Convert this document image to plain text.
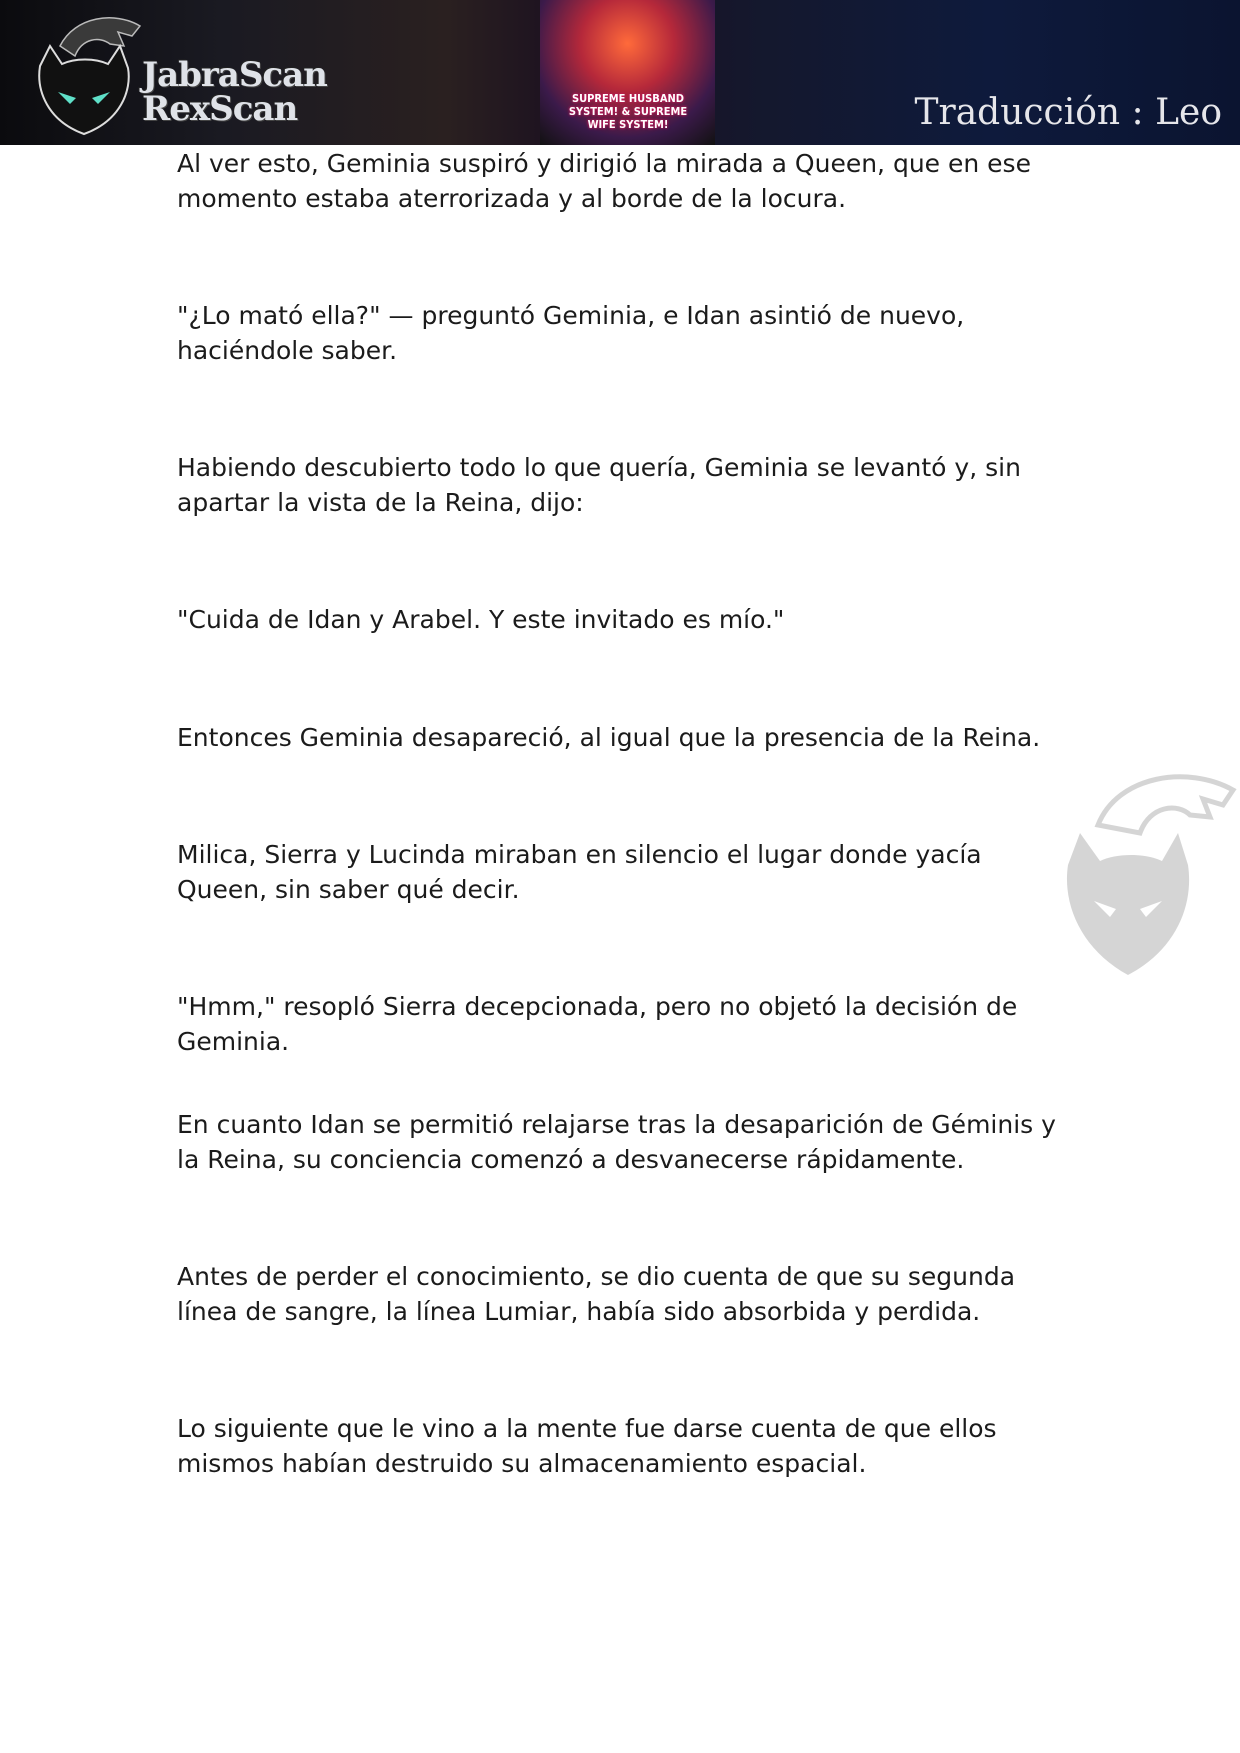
SUPREME HUSBAND
SYSTEM! & SUPREME
WIFE SYSTEM!
JabraScan
RexScan	Traducción : Leo

Al ver esto, Geminia suspiró y dirigió la mirada a Queen, que en ese momento estaba aterrorizada y al borde de la locura.

"¿Lo mató ella?" — preguntó Geminia, e Idan asintió de nuevo, haciéndole saber.

Habiendo descubierto todo lo que quería, Geminia se levantó y, sin apartar la vista de la Reina, dijo:

"Cuida de Idan y Arabel. Y este invitado es mío."

Entonces Geminia desapareció, al igual que la presencia de la Reina.

Milica, Sierra y Lucinda miraban en silencio el lugar donde yacía Queen, sin saber qué decir.

"Hmm," resopló Sierra decepcionada, pero no objetó la decisión de Geminia.

En cuanto Idan se permitió relajarse tras la desaparición de Géminis y la Reina, su conciencia comenzó a desvanecerse rápidamente.

Antes de perder el conocimiento, se dio cuenta de que su segunda línea de sangre, la línea Lumiar, había sido absorbida y perdida.

Lo siguiente que le vino a la mente fue darse cuenta de que ellos mismos habían destruido su almacenamiento espacial.
